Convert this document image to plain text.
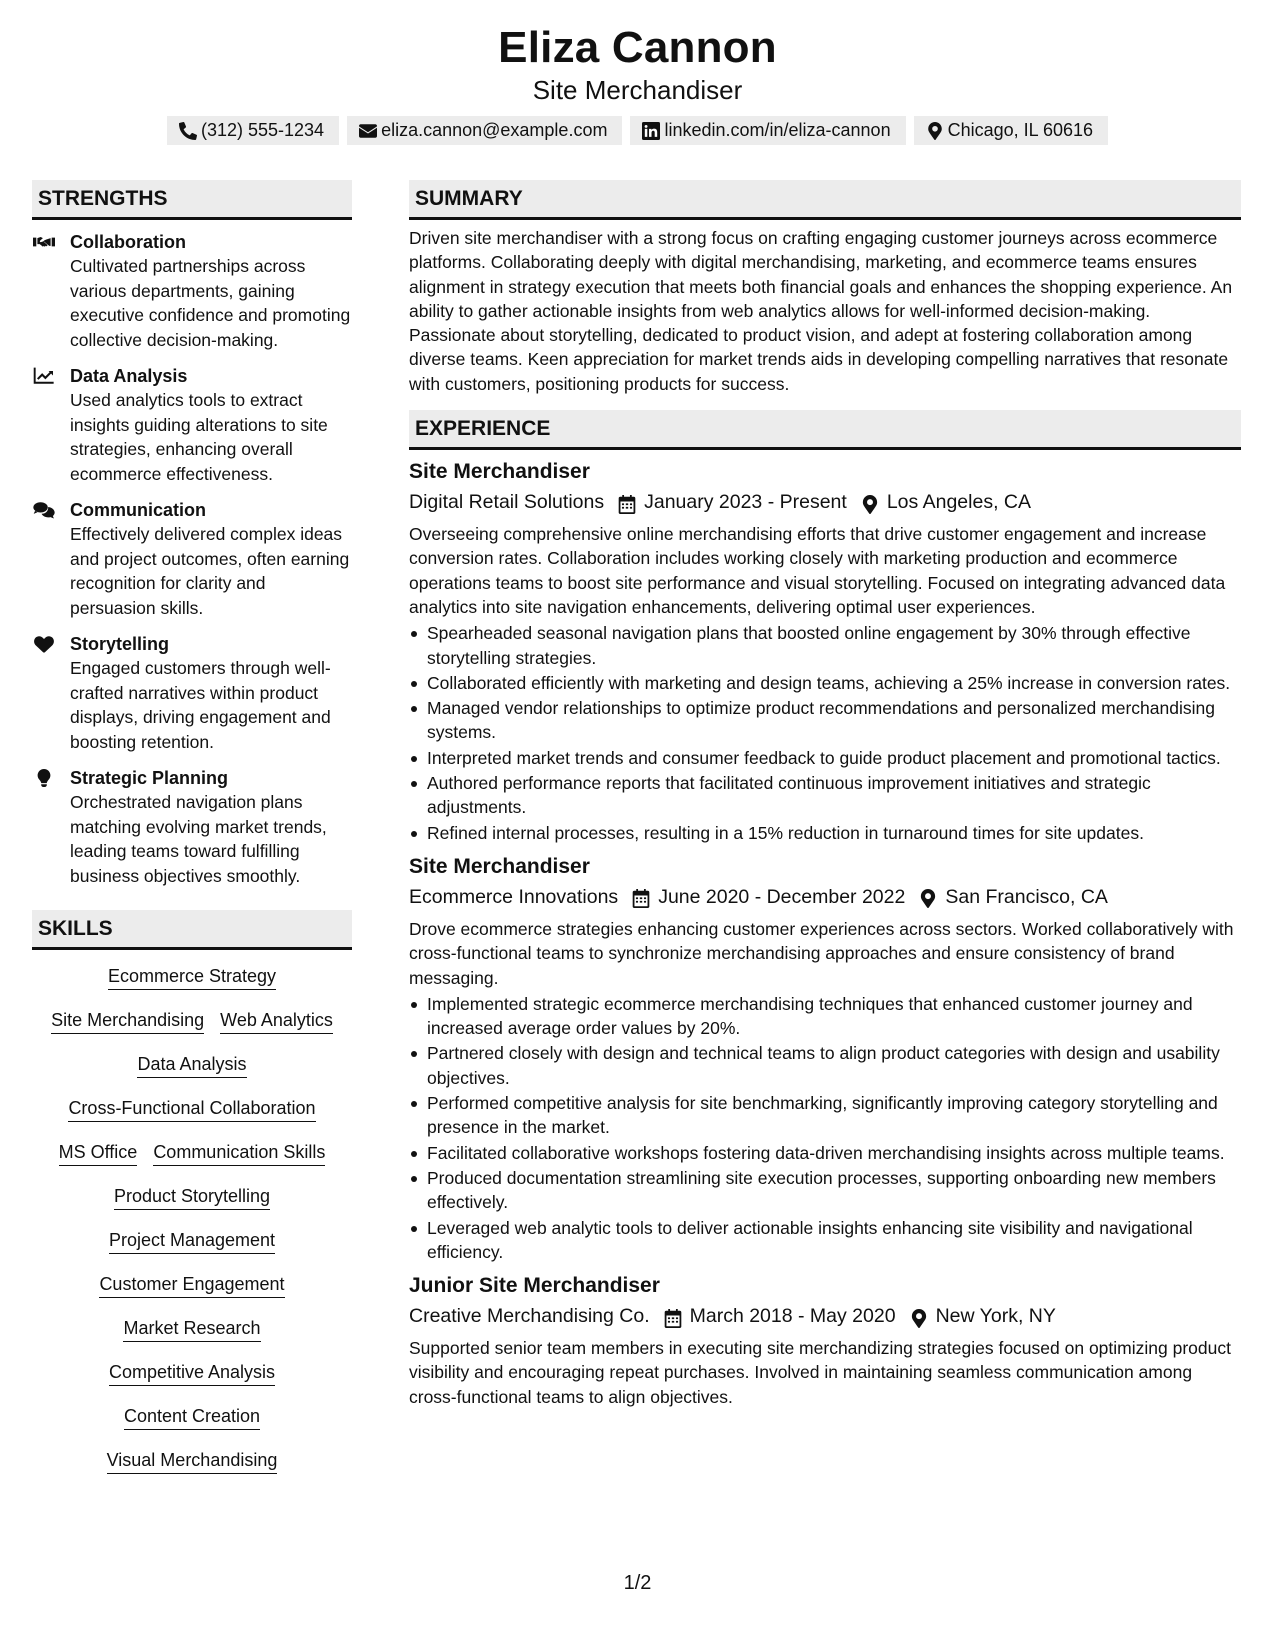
Eliza Cannon
Site Merchandiser
(312) 555-1234	eliza.cannon@example.com	linkedin.com/in/eliza-cannon	Chicago, IL 60616
STRENGTHS
Collaboration
Cultivated partnerships across various departments, gaining executive confidence and promoting collective decision-making.
Data Analysis
Used analytics tools to extract insights guiding alterations to site strategies, enhancing overall ecommerce effectiveness.
Communication
Effectively delivered complex ideas and project outcomes, often earning recognition for clarity and persuasion skills.
Storytelling
Engaged customers through well-crafted narratives within product displays, driving engagement and boosting retention.
Strategic Planning
Orchestrated navigation plans matching evolving market trends, leading teams toward fulfilling business objectives smoothly.
SKILLS
Ecommerce Strategy
Site Merchandising Web Analytics
Data Analysis
Cross-Functional Collaboration
MS Office Communication Skills
Product Storytelling
Project Management
Customer Engagement
Market Research
Competitive Analysis
Content Creation
Visual Merchandising
SUMMARY
Driven site merchandiser with a strong focus on crafting engaging customer journeys across ecommerce platforms. Collaborating deeply with digital merchandising, marketing, and ecommerce teams ensures alignment in strategy execution that meets both financial goals and enhances the shopping experience. An ability to gather actionable insights from web analytics allows for well-informed decision-making. Passionate about storytelling, dedicated to product vision, and adept at fostering collaboration among diverse teams. Keen appreciation for market trends aids in developing compelling narratives that resonate with customers, positioning products for success.
EXPERIENCE
Site Merchandiser
Digital Retail Solutions January 2023 - Present Los Angeles, CA
Overseeing comprehensive online merchandising efforts that drive customer engagement and increase conversion rates. Collaboration includes working closely with marketing production and ecommerce operations teams to boost site performance and visual storytelling. Focused on integrating advanced data analytics into site navigation enhancements, delivering optimal user experiences.
Spearheaded seasonal navigation plans that boosted online engagement by 30% through effective storytelling strategies.
Collaborated efficiently with marketing and design teams, achieving a 25% increase in conversion rates.
Managed vendor relationships to optimize product recommendations and personalized merchandising systems.
Interpreted market trends and consumer feedback to guide product placement and promotional tactics.
Authored performance reports that facilitated continuous improvement initiatives and strategic adjustments.
Refined internal processes, resulting in a 15% reduction in turnaround times for site updates.
Site Merchandiser
Ecommerce Innovations June 2020 - December 2022 San Francisco, CA
Drove ecommerce strategies enhancing customer experiences across sectors. Worked collaboratively with cross-functional teams to synchronize merchandising approaches and ensure consistency of brand messaging.
Implemented strategic ecommerce merchandising techniques that enhanced customer journey and increased average order values by 20%.
Partnered closely with design and technical teams to align product categories with design and usability objectives.
Performed competitive analysis for site benchmarking, significantly improving category storytelling and presence in the market.
Facilitated collaborative workshops fostering data-driven merchandising insights across multiple teams.
Produced documentation streamlining site execution processes, supporting onboarding new members effectively.
Leveraged web analytic tools to deliver actionable insights enhancing site visibility and navigational efficiency.
Junior Site Merchandiser
Creative Merchandising Co. March 2018 - May 2020 New York, NY
Supported senior team members in executing site merchandizing strategies focused on optimizing product visibility and encouraging repeat purchases. Involved in maintaining seamless communication among cross-functional teams to align objectives.
1/2
